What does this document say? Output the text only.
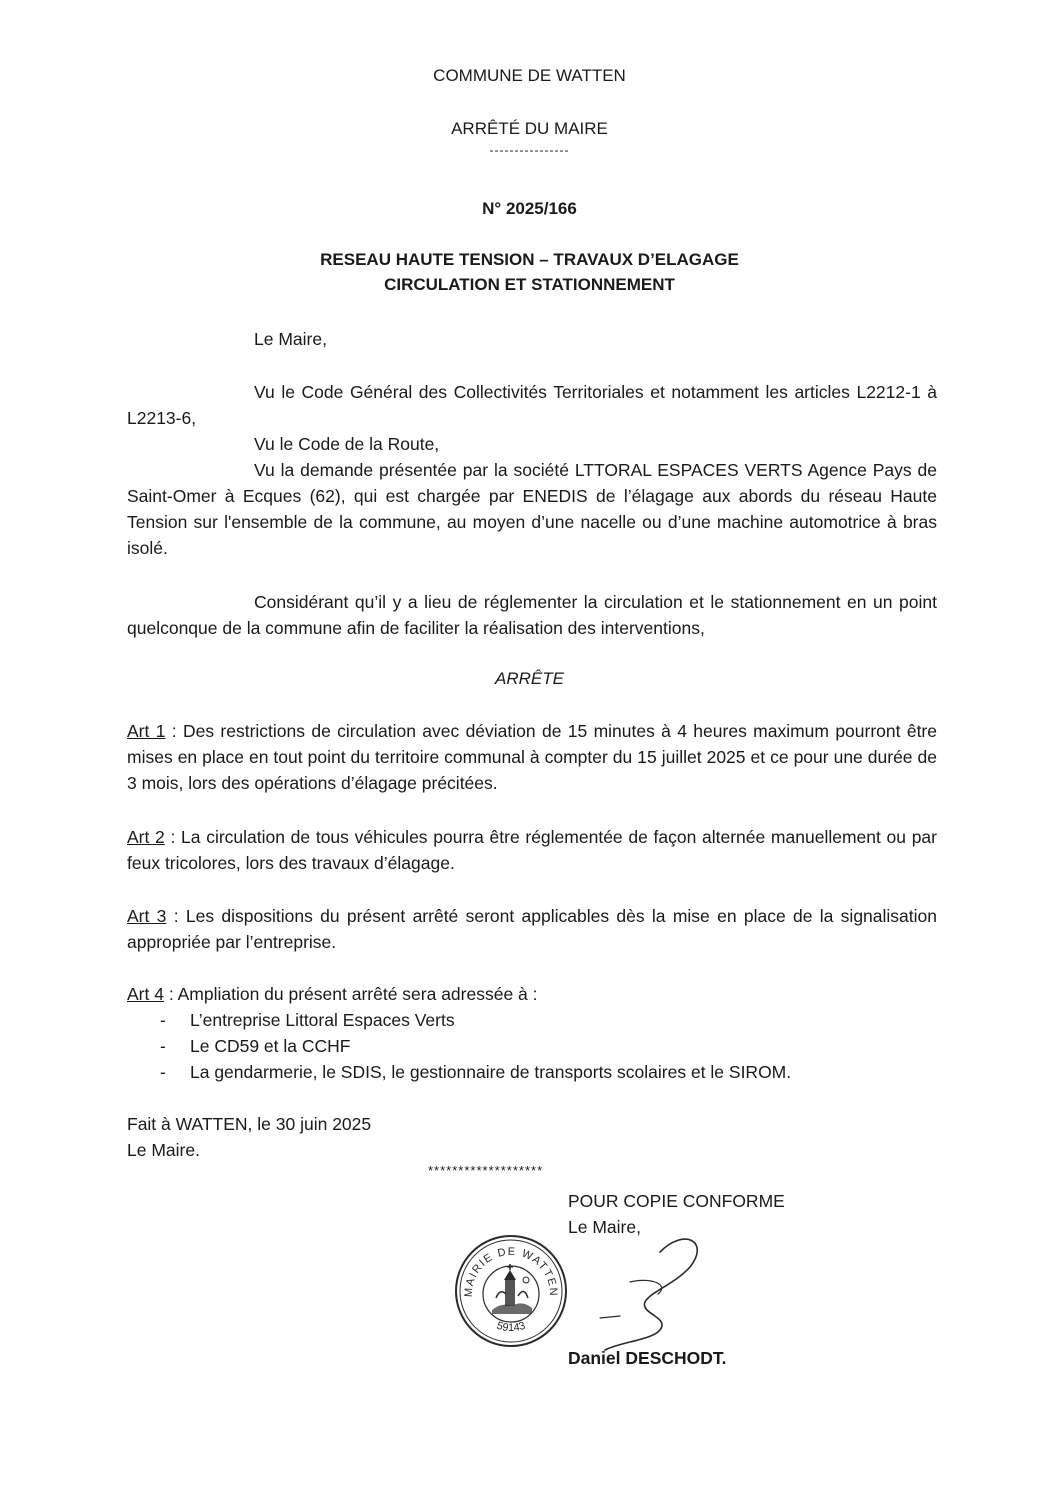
COMMUNE DE WATTEN
ARRÊTÉ DU MAIRE
----------------
N° 2025/166
RESEAU HAUTE TENSION – TRAVAUX D’ELAGAGE
CIRCULATION ET STATIONNEMENT
Le Maire,
Vu le Code Général des Collectivités Territoriales et notamment les articles L2212-1 à L2213-6,
Vu le Code de la Route,
Vu la demande présentée par la société LTTORAL ESPACES VERTS Agence Pays de Saint-Omer à Ecques (62), qui est chargée par ENEDIS de l’élagage aux abords du réseau Haute Tension sur l'ensemble de la commune, au moyen d’une nacelle ou d’une machine automotrice à bras isolé.
Considérant qu’il y a lieu de réglementer la circulation et le stationnement en un point quelconque de la commune afin de faciliter la réalisation des interventions,
ARRÊTE
Art 1 : Des restrictions de circulation avec déviation de 15 minutes à 4 heures maximum pourront être mises en place en tout point du territoire communal à compter du 15 juillet 2025 et ce pour une durée de 3 mois, lors des opérations d’élagage précitées.
Art 2 : La circulation de tous véhicules pourra être réglementée de façon alternée manuellement ou par feux tricolores, lors des travaux d’élagage.
Art 3 : Les dispositions du présent arrêté seront applicables dès la mise en place de la signalisation appropriée par l’entreprise.
Art 4 : Ampliation du présent arrêté sera adressée à :
- L’entreprise Littoral Espaces Verts
- Le CD59 et la CCHF
- La gendarmerie, le SDIS, le gestionnaire de transports scolaires et le SIROM.
Fait à WATTEN, le 30 juin 2025
Le Maire.
*******************
POUR COPIE CONFORME
Le Maire,
MAIRIE DE WATTEN
59143
Daniel DESCHODT.
